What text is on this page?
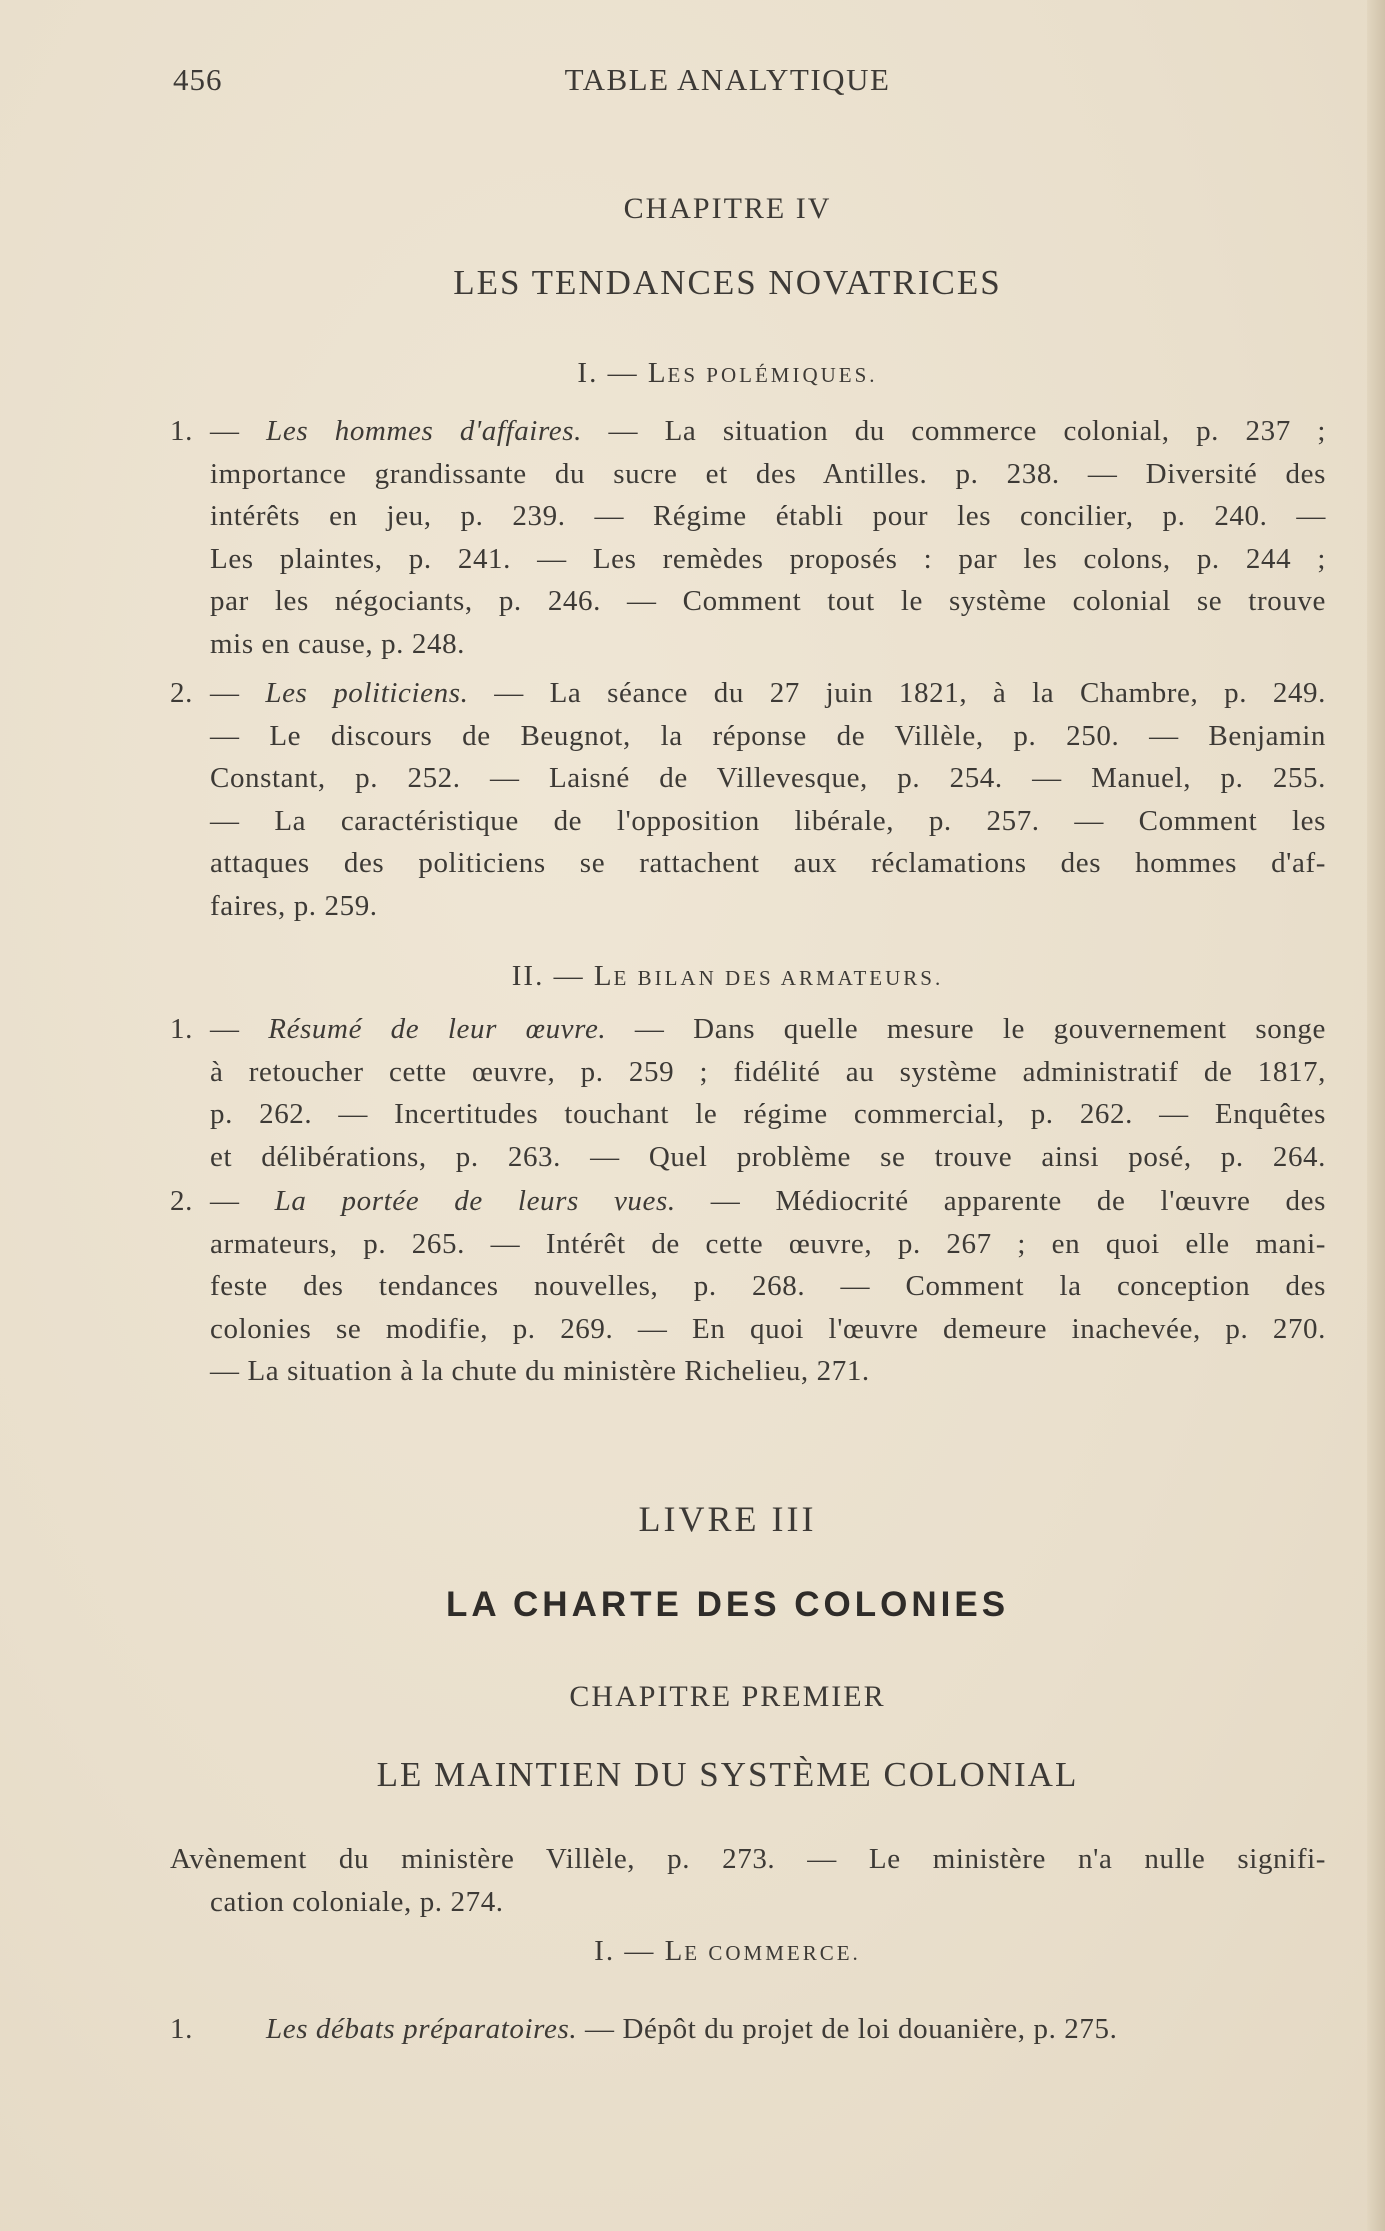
456	TABLE ANALYTIQUE
CHAPITRE IV
LES TENDANCES NOVATRICES
I. — LES POLÉMIQUES.
1. — Les hommes d'affaires. — La situation du commerce colonial, p. 237 ;
importance grandissante du sucre et des Antilles. p. 238. — Diversité des
intérêts en jeu, p. 239. — Régime établi pour les concilier, p. 240. —
Les plaintes, p. 241. — Les remèdes proposés : par les colons, p. 244 ;
par les négociants, p. 246. — Comment tout le système colonial se trouve
mis en cause, p. 248.
2. — Les politiciens. — La séance du 27 juin 1821, à la Chambre, p. 249.
— Le discours de Beugnot, la réponse de Villèle, p. 250. — Benjamin
Constant, p. 252. — Laisné de Villevesque, p. 254. — Manuel, p. 255.
— La caractéristique de l'opposition libérale, p. 257. — Comment les
attaques des politiciens se rattachent aux réclamations des hommes d'af-
faires, p. 259.
II. — LE BILAN DES ARMATEURS.
1. — Résumé de leur œuvre. — Dans quelle mesure le gouvernement songe
à retoucher cette œuvre, p. 259 ; fidélité au système administratif de 1817,
p. 262. — Incertitudes touchant le régime commercial, p. 262. — Enquêtes
et délibérations, p. 263. — Quel problème se trouve ainsi posé, p. 264.
2. — La portée de leurs vues. — Médiocrité apparente de l'œuvre des
armateurs, p. 265. — Intérêt de cette œuvre, p. 267 ; en quoi elle mani-
feste des tendances nouvelles, p. 268. — Comment la conception des
colonies se modifie, p. 269. — En quoi l'œuvre demeure inachevée, p. 270.
— La situation à la chute du ministère Richelieu, 271.
LIVRE III
LA CHARTE DES COLONIES
CHAPITRE PREMIER
LE MAINTIEN DU SYSTÈME COLONIAL
Avènement du ministère Villèle, p. 273. — Le ministère n'a nulle signifi-
cation coloniale, p. 274.
I. — LE COMMERCE.
1.	Les débats préparatoires. — Dépôt du projet de loi douanière, p. 275.
